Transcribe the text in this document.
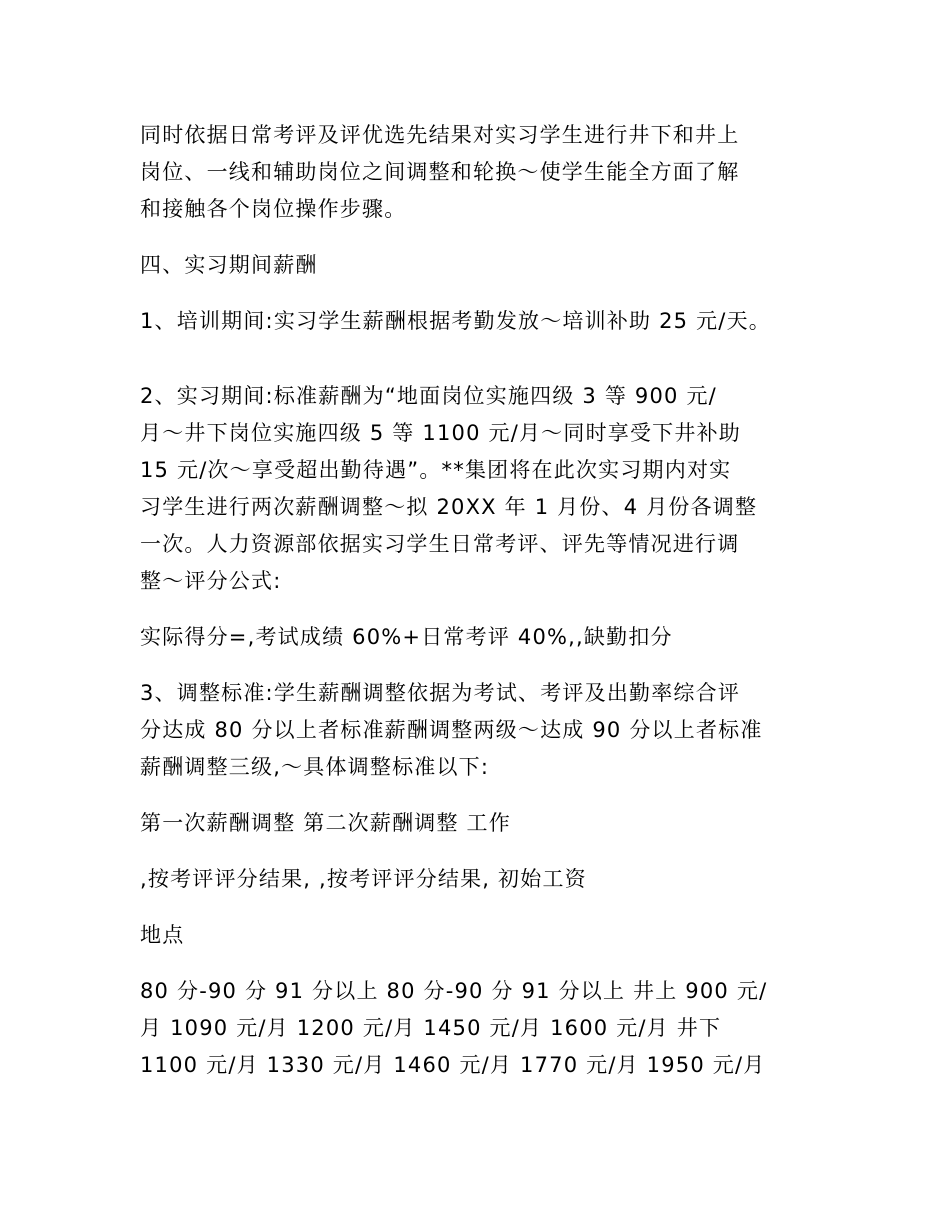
同时依据日常考评及评优选先结果对实习学生进行井下和井上
岗位、一线和辅助岗位之间调整和轮换～使学生能全方面了解
和接触各个岗位操作步骤。

四、实习期间薪酬

1、培训期间:实习学生薪酬根据考勤发放～培训补助 25 元/天。

2、实习期间:标准薪酬为“地面岗位实施四级 3 等 900 元/
月～井下岗位实施四级 5 等 1100 元/月～同时享受下井补助
15 元/次～享受超出勤待遇”。**集团将在此次实习期内对实
习学生进行两次薪酬调整～拟 20XX 年 1 月份、4 月份各调整
一次。人力资源部依据实习学生日常考评、评先等情况进行调
整～评分公式:

实际得分=,考试成绩 60%+日常考评 40%,,缺勤扣分

3、调整标准:学生薪酬调整依据为考试、考评及出勤率综合评
分达成 80 分以上者标准薪酬调整两级～达成 90 分以上者标准
薪酬调整三级,～具体调整标准以下:

第一次薪酬调整 第二次薪酬调整 工作

,按考评评分结果, ,按考评评分结果, 初始工资

地点

80 分-90 分 91 分以上 80 分-90 分 91 分以上 井上 900 元/
月 1090 元/月 1200 元/月 1450 元/月 1600 元/月 井下
1100 元/月 1330 元/月 1460 元/月 1770 元/月 1950 元/月
